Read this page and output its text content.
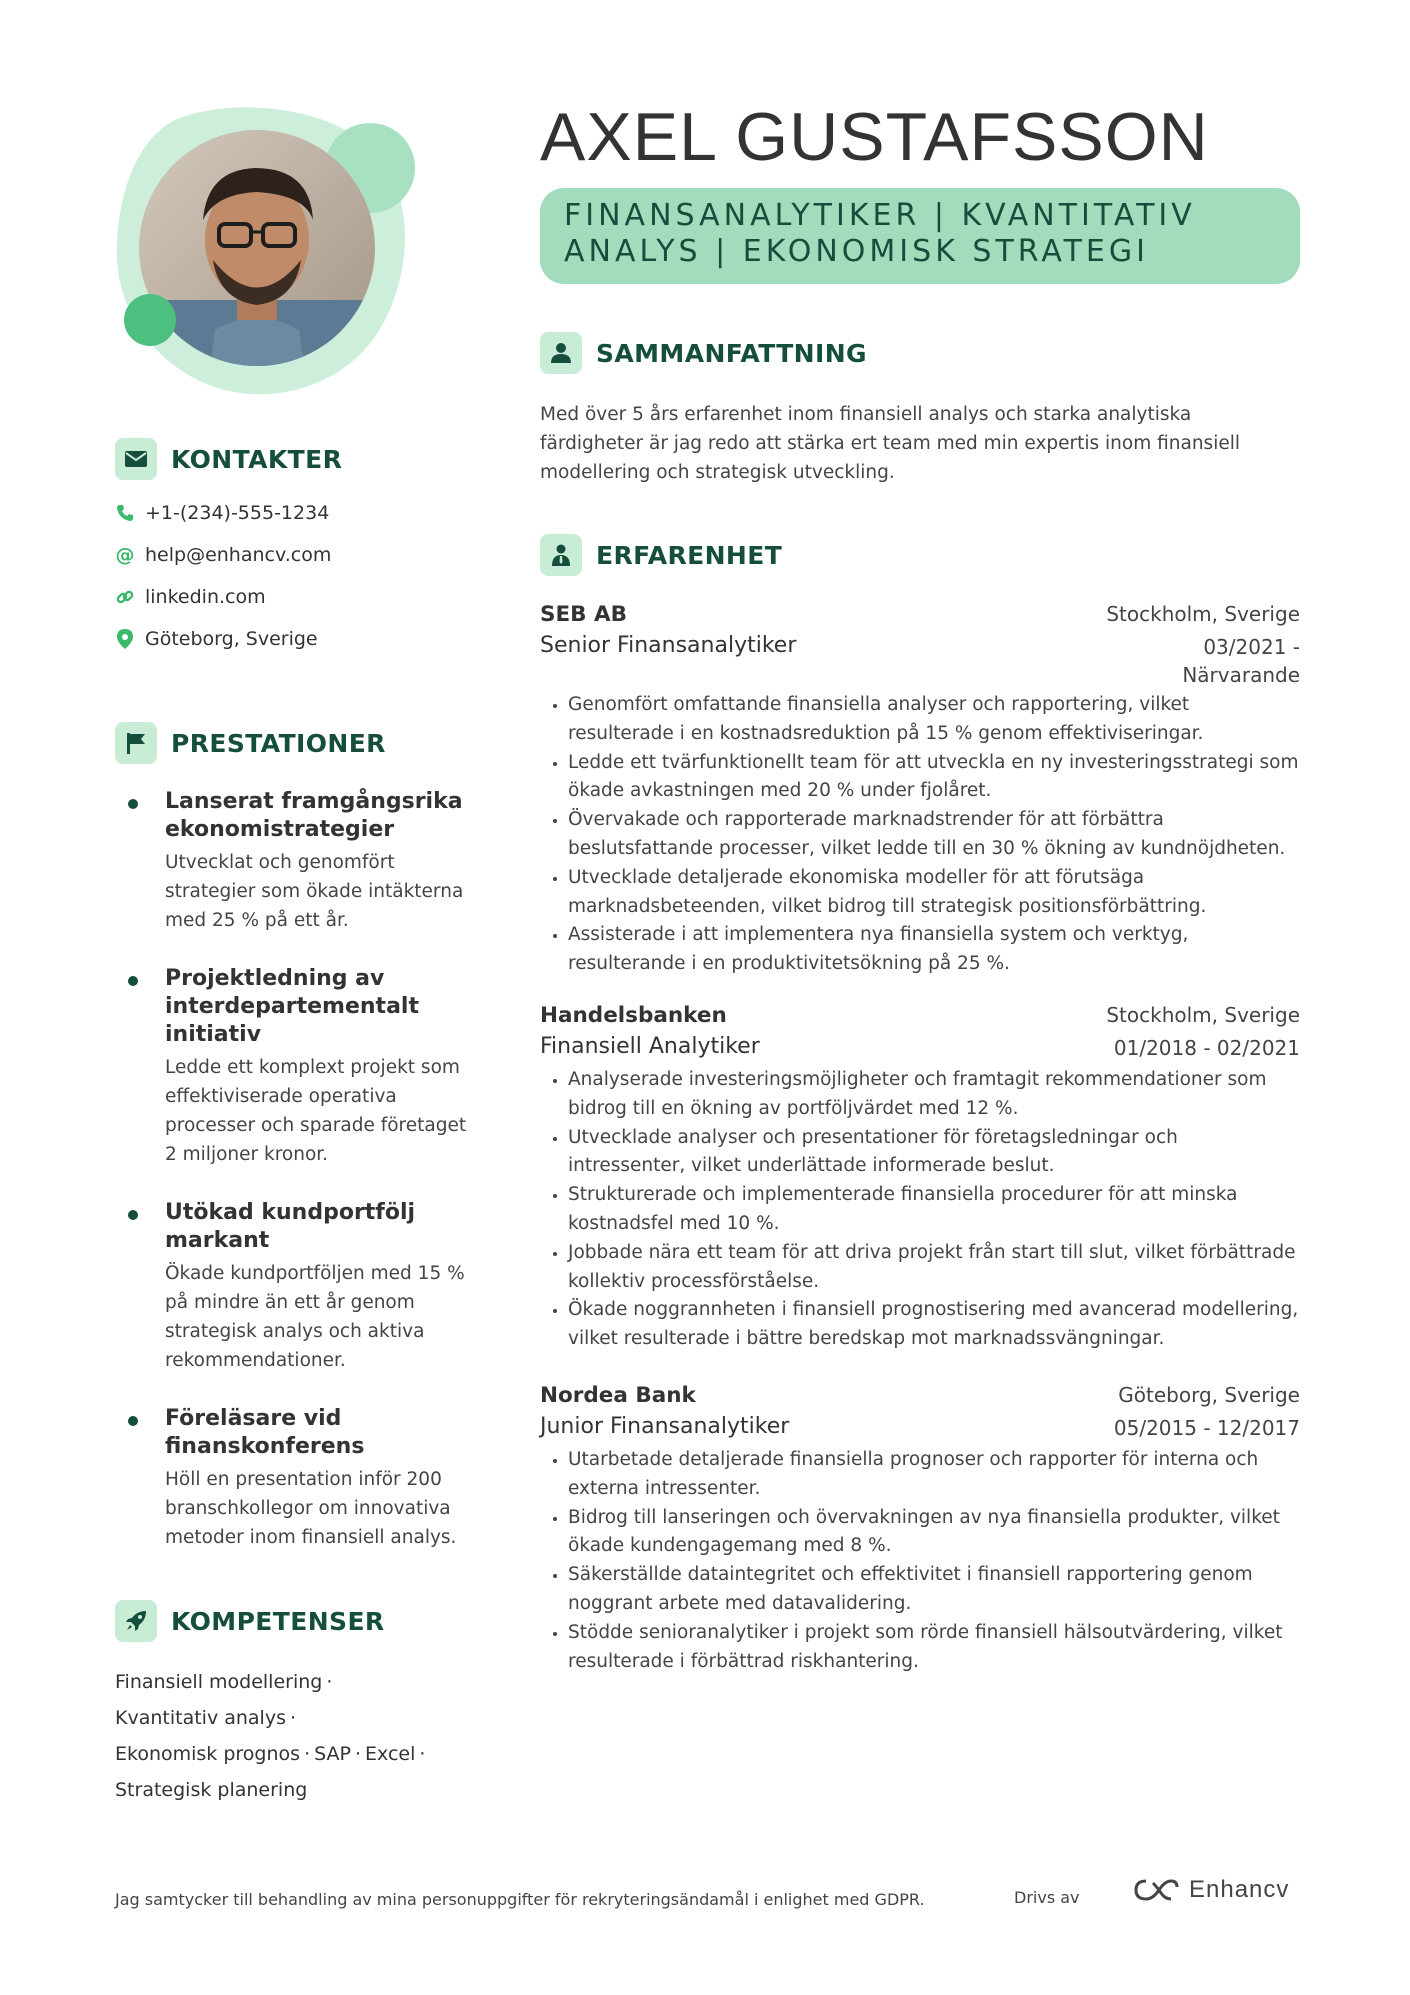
AXEL GUSTAFSSON
FINANSANALYTIKER | KVANTITATIV
ANALYS | EKONOMISK STRATEGI
KONTAKTER
+1-(234)-555-1234
@ help@enhancv.com
linkedin.com
Göteborg, Sverige
PRESTATIONER
Lanserat framgångsrika ekonomistrategier
Utvecklat och genomfört strategier som ökade intäkterna med 25 % på ett år.
Projektledning av interdepartementalt initiativ
Ledde ett komplext projekt som effektiviserade operativa processer och sparade företaget 2 miljoner kronor.
Utökad kundportfölj markant
Ökade kundportföljen med 15 % på mindre än ett år genom strategisk analys och aktiva rekommendationer.
Föreläsare vid finanskonferens
Höll en presentation inför 200 branschkollegor om innovativa metoder inom finansiell analys.
KOMPETENSER
Finansiell modellering ·
Kvantitativ analys ·
Ekonomisk prognos · SAP · Excel ·
Strategisk planering
SAMMANFATTNING
Med över 5 års erfarenhet inom finansiell analys och starka analytiska färdigheter är jag redo att stärka ert team med min expertis inom finansiell modellering och strategisk utveckling.
ERFARENHET
SEB AB	Stockholm, Sverige
Senior Finansanalytiker	03/2021 -
Närvarande
• Genomfört omfattande finansiella analyser och rapportering, vilket resulterade i en kostnadsreduktion på 15 % genom effektiviseringar.
• Ledde ett tvärfunktionellt team för att utveckla en ny investeringsstrategi som ökade avkastningen med 20 % under fjolåret.
• Övervakade och rapporterade marknadstrender för att förbättra beslutsfattande processer, vilket ledde till en 30 % ökning av kundnöjdheten.
• Utvecklade detaljerade ekonomiska modeller för att förutsäga marknadsbeteenden, vilket bidrog till strategisk positionsförbättring.
• Assisterade i att implementera nya finansiella system och verktyg, resulterande i en produktivitetsökning på 25 %.
Handelsbanken	Stockholm, Sverige
Finansiell Analytiker	01/2018 - 02/2021
• Analyserade investeringsmöjligheter och framtagit rekommendationer som bidrog till en ökning av portföljvärdet med 12 %.
• Utvecklade analyser och presentationer för företagsledningar och intressenter, vilket underlättade informerade beslut.
• Strukturerade och implementerade finansiella procedurer för att minska kostnadsfel med 10 %.
• Jobbade nära ett team för att driva projekt från start till slut, vilket förbättrade kollektiv processförståelse.
• Ökade noggrannheten i finansiell prognostisering med avancerad modellering, vilket resulterade i bättre beredskap mot marknadssvängningar.
Nordea Bank	Göteborg, Sverige
Junior Finansanalytiker	05/2015 - 12/2017
• Utarbetade detaljerade finansiella prognoser och rapporter för interna och externa intressenter.
• Bidrog till lanseringen och övervakningen av nya finansiella produkter, vilket ökade kundengagemang med 8 %.
• Säkerställde dataintegritet och effektivitet i finansiell rapportering genom noggrant arbete med datavalidering.
• Stödde senioranalytiker i projekt som rörde finansiell hälsoutvärdering, vilket resulterade i förbättrad riskhantering.
Jag samtycker till behandling av mina personuppgifter för rekryteringsändamål i enlighet med GDPR.	Drivs av	Enhancv
